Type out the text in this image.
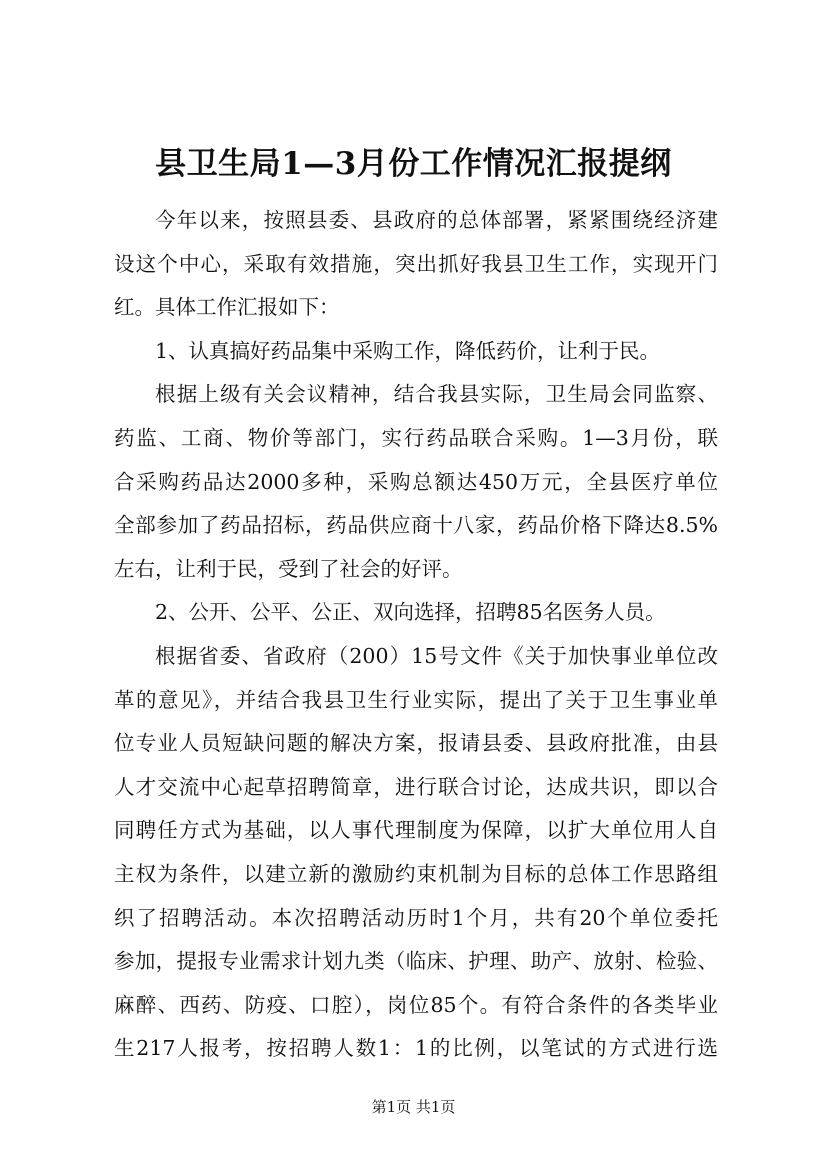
县卫生局1—3月份工作情况汇报提纲
今年以来，按照县委、县政府的总体部署，紧紧围绕经济建
设这个中心，采取有效措施，突出抓好我县卫生工作，实现开门
红。具体工作汇报如下：
1、认真搞好药品集中采购工作，降低药价，让利于民。
根据上级有关会议精神，结合我县实际，卫生局会同监察、
药监、工商、物价等部门，实行药品联合采购。1—3月份，联
合采购药品达2000多种，采购总额达450万元，全县医疗单位
全部参加了药品招标，药品供应商十八家，药品价格下降达8.5%
左右，让利于民，受到了社会的好评。
2、公开、公平、公正、双向选择，招聘85名医务人员。
根据省委、省政府（200）15号文件《关于加快事业单位改
革的意见》，并结合我县卫生行业实际，提出了关于卫生事业单
位专业人员短缺问题的解决方案，报请县委、县政府批准，由县
人才交流中心起草招聘简章，进行联合讨论，达成共识，即以合
同聘任方式为基础，以人事代理制度为保障，以扩大单位用人自
主权为条件，以建立新的激励约束机制为目标的总体工作思路组
织了招聘活动。本次招聘活动历时1个月，共有20个单位委托
参加，提报专业需求计划九类（临床、护理、助产、放射、检验、
麻醉、西药、防疫、口腔），岗位85个。有符合条件的各类毕业
生217人报考，按招聘人数1：1的比例，以笔试的方式进行选
第1页 共1页
